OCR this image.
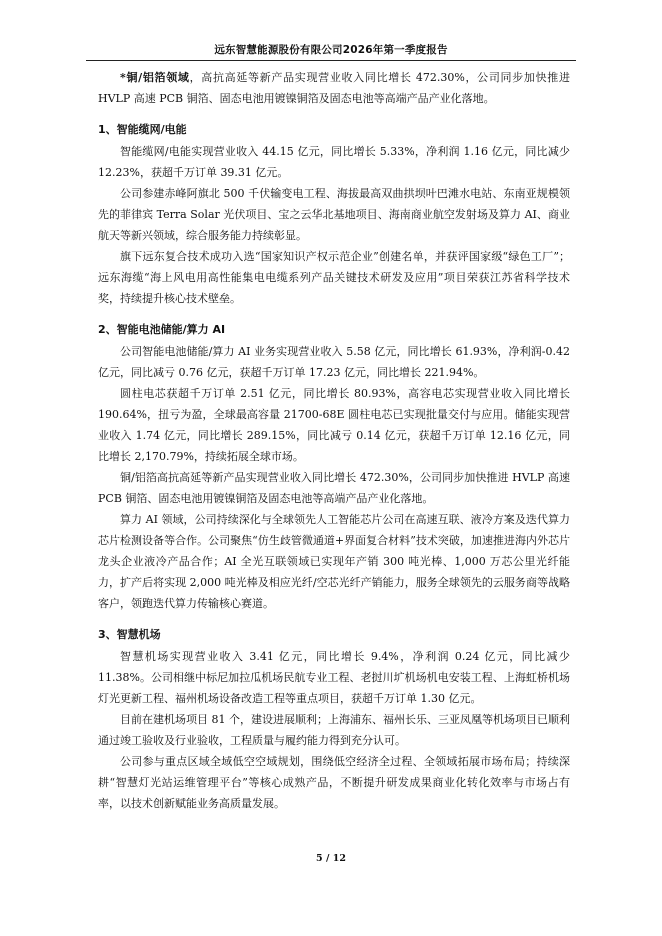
远东智慧能源股份有限公司2026年第一季度报告

*铜/铝箔领域，高抗高延等新产品实现营业收入同比增长 472.30%，公司同步加快推进 HVLP 高速 PCB 铜箔、固态电池用镀镍铜箔及固态电池等高端产品产业化落地。

1、智能缆网/电能

智能缆网/电能实现营业收入 44.15 亿元，同比增长 5.33%，净利润 1.16 亿元，同比减少 12.23%，获超千万订单 39.31 亿元。

公司参建赤峰阿旗北 500 千伏输变电工程、海拔最高双曲拱坝叶巴滩水电站、东南亚规模领先的菲律宾 Terra Solar 光伏项目、宝之云华北基地项目、海南商业航空发射场及算力 AI、商业航天等新兴领域，综合服务能力持续彰显。

旗下远东复合技术成功入选“国家知识产权示范企业”创建名单，并获评国家级“绿色工厂”；远东海缆“海上风电用高性能集电电缆系列产品关键技术研发及应用”项目荣获江苏省科学技术奖，持续提升核心技术壁垒。

2、智能电池储能/算力 AI

公司智能电池储能/算力 AI 业务实现营业收入 5.58 亿元，同比增长 61.93%，净利润-0.42 亿元，同比减亏 0.76 亿元，获超千万订单 17.23 亿元，同比增长 221.94%。

圆柱电芯获超千万订单 2.51 亿元，同比增长 80.93%，高容电芯实现营业收入同比增长 190.64%，扭亏为盈，全球最高容量 21700-68E 圆柱电芯已实现批量交付与应用。储能实现营业收入 1.74 亿元，同比增长 289.15%，同比减亏 0.14 亿元，获超千万订单 12.16 亿元，同比增长 2,170.79%，持续拓展全球市场。

铜/铝箔高抗高延等新产品实现营业收入同比增长 472.30%，公司同步加快推进 HVLP 高速 PCB 铜箔、固态电池用镀镍铜箔及固态电池等高端产品产业化落地。

算力 AI 领域，公司持续深化与全球领先人工智能芯片公司在高速互联、液冷方案及迭代算力芯片检测设备等合作。公司聚焦“仿生歧管微通道+界面复合材料”技术突破，加速推进海内外芯片龙头企业液冷产品合作；AI 全光互联领域已实现年产销 300 吨光棒、1,000 万芯公里光纤能力，扩产后将实现 2,000 吨光棒及相应光纤/空芯光纤产销能力，服务全球领先的云服务商等战略客户，领跑迭代算力传输核心赛道。

3、智慧机场

智慧机场实现营业收入 3.41 亿元，同比增长 9.4%，净利润 0.24 亿元，同比减少 11.38%。公司相继中标尼加拉瓜机场民航专业工程、老挝川圹机场机电安装工程、上海虹桥机场灯光更新工程、福州机场设备改造工程等重点项目，获超千万订单 1.30 亿元。

目前在建机场项目 81 个，建设进展顺利；上海浦东、福州长乐、三亚凤凰等机场项目已顺利通过竣工验收及行业验收，工程质量与履约能力得到充分认可。

公司参与重点区域全域低空空域规划，围绕低空经济全过程、全领域拓展市场布局；持续深耕“智慧灯光站运维管理平台”等核心成熟产品，不断提升研发成果商业化转化效率与市场占有率，以技术创新赋能业务高质量发展。

5 / 12
